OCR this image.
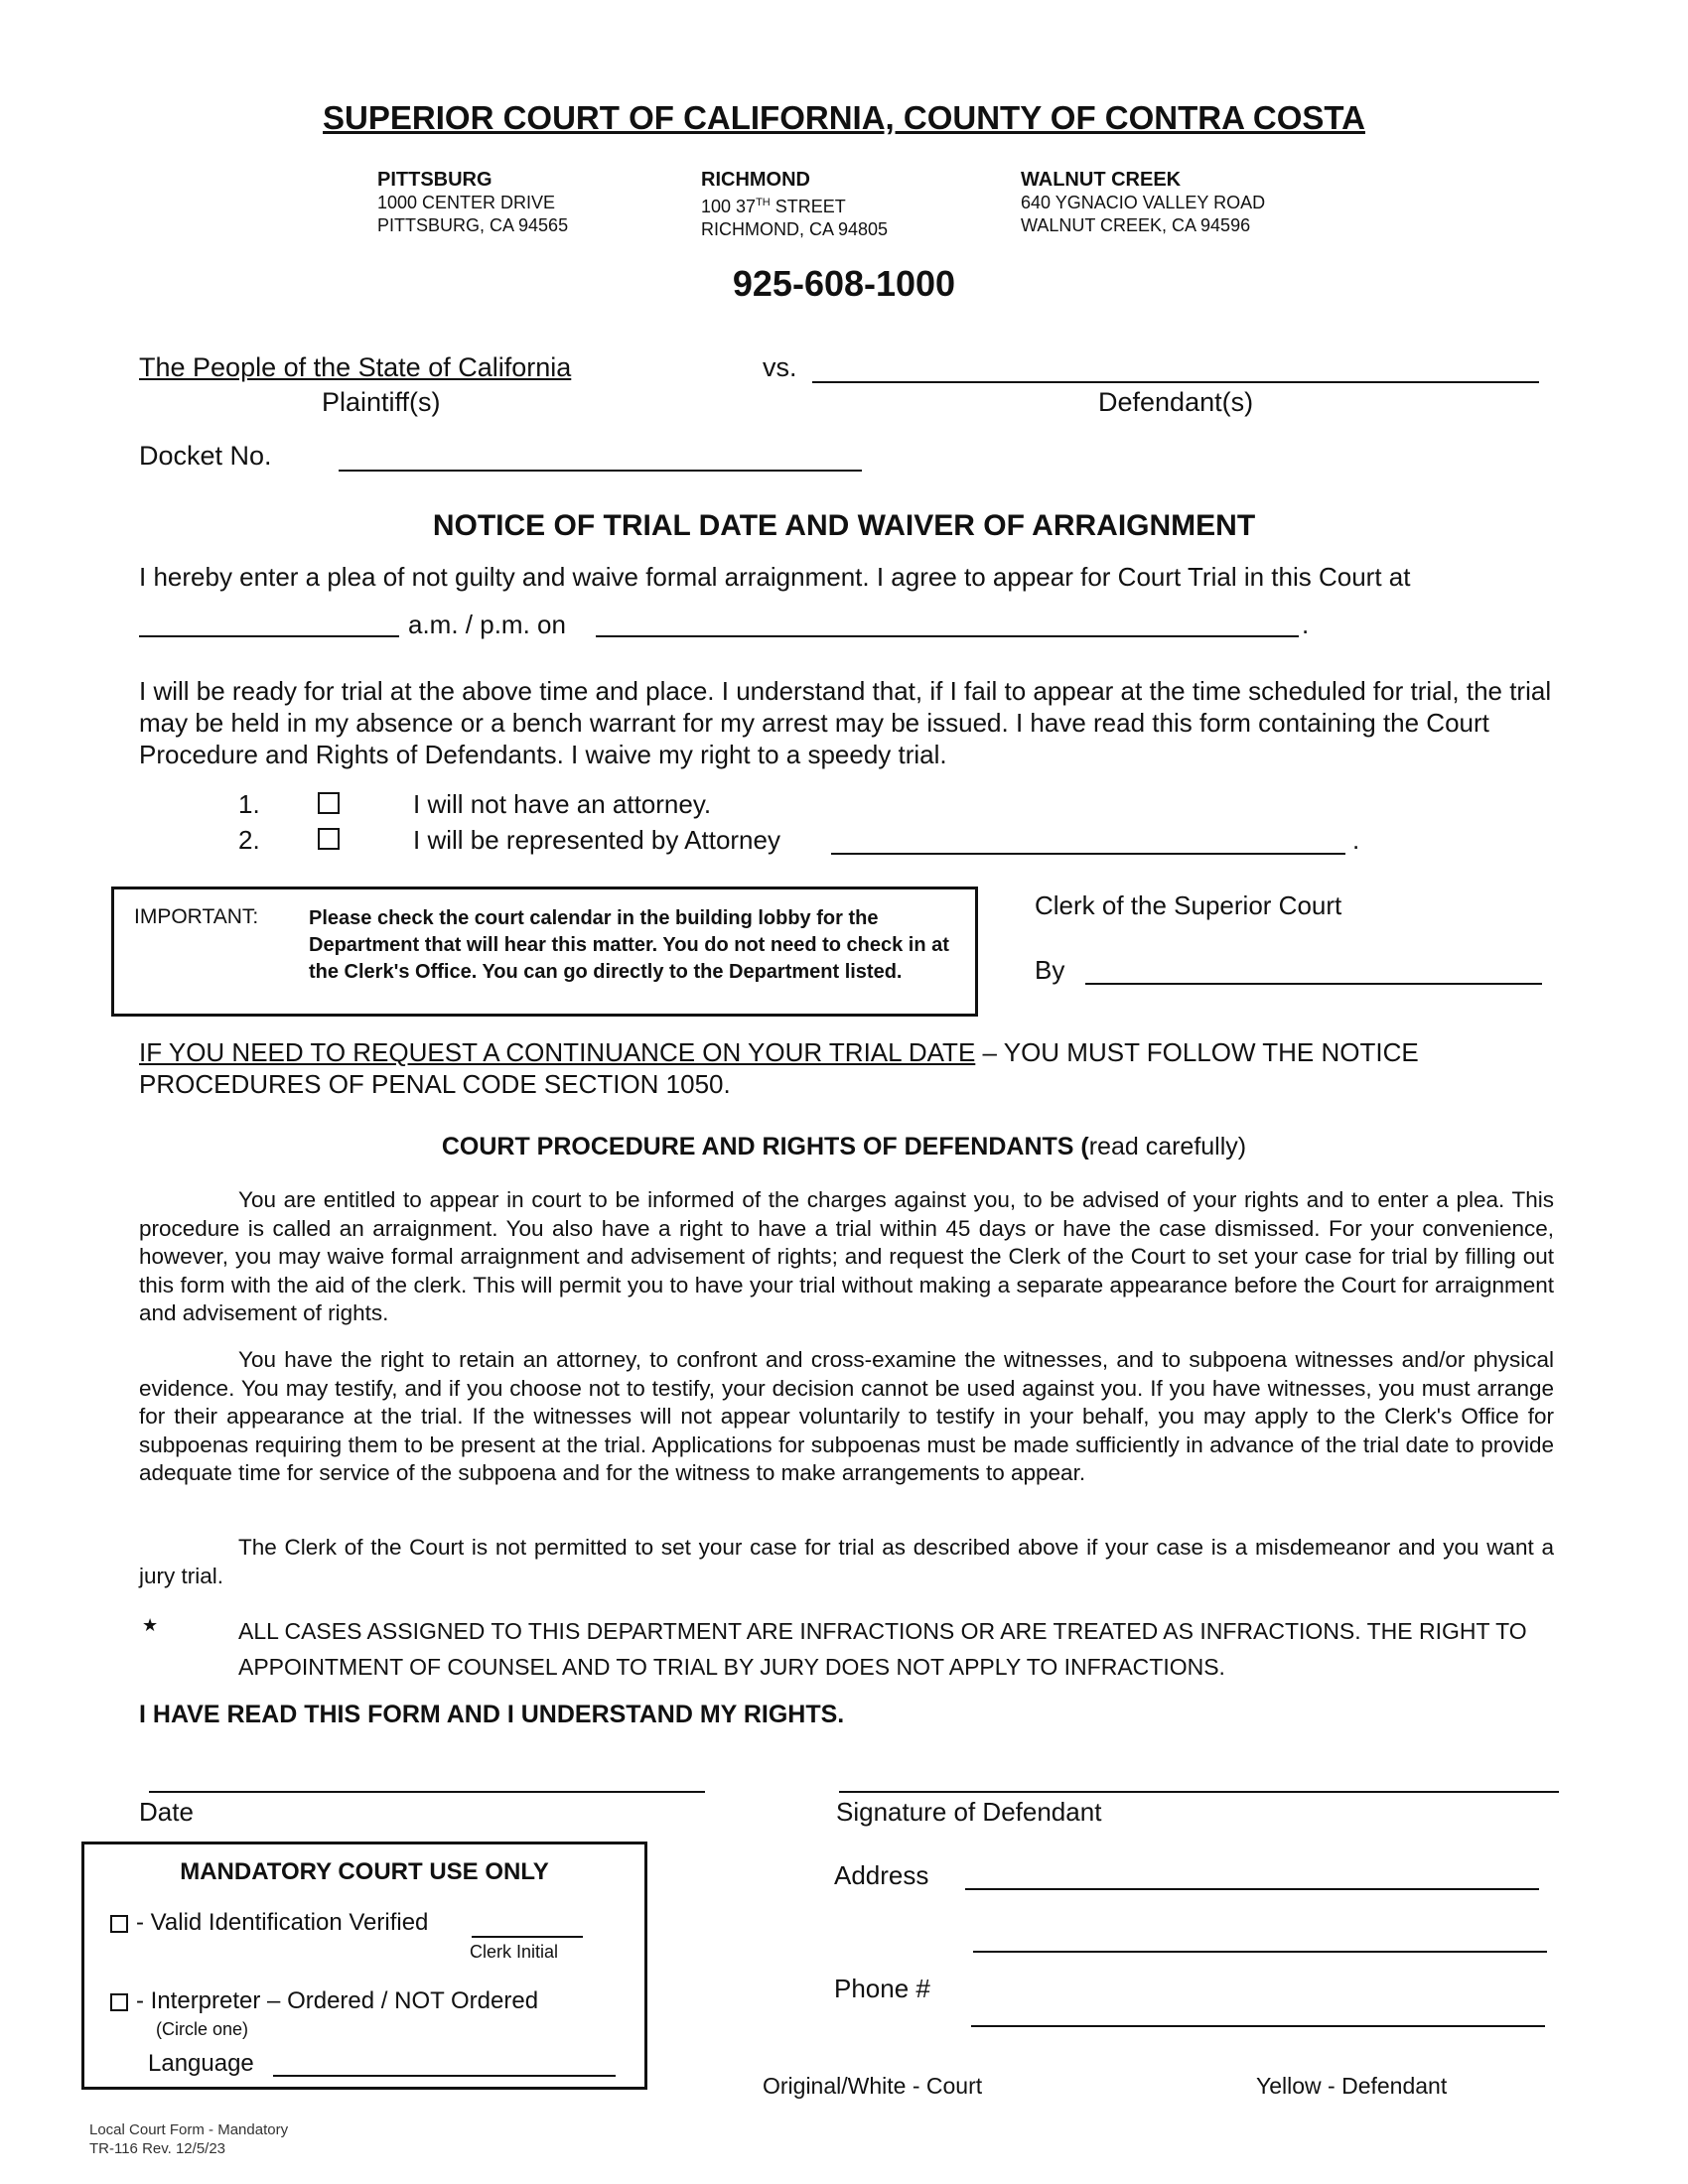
SUPERIOR COURT OF CALIFORNIA, COUNTY OF CONTRA COSTA
PITTSBURG
1000 CENTER DRIVE
PITTSBURG, CA 94565
RICHMOND
100 37TH STREET
RICHMOND, CA 94805
WALNUT CREEK
640 YGNACIO VALLEY ROAD
WALNUT CREEK, CA 94596
925-608-1000
The People of the State of California	vs.
Plaintiff(s)	Defendant(s)
Docket No.
NOTICE OF TRIAL DATE AND WAIVER OF ARRAIGNMENT
I hereby enter a plea of not guilty and waive formal arraignment. I agree to appear for Court Trial in this Court at
a.m. / p.m. on	.
I will be ready for trial at the above time and place. I understand that, if I fail to appear at the time scheduled for trial, the trial may be held in my absence or a bench warrant for my arrest may be issued. I have read this form containing the Court Procedure and Rights of Defendants. I waive my right to a speedy trial.
1.	I will not have an attorney.
2.	I will be represented by Attorney	.
IMPORTANT:	Please check the court calendar in the building lobby for the Department that will hear this matter. You do not need to check in at the Clerk's Office. You can go directly to the Department listed.
Clerk of the Superior Court
By
IF YOU NEED TO REQUEST A CONTINUANCE ON YOUR TRIAL DATE – YOU MUST FOLLOW THE NOTICE PROCEDURES OF PENAL CODE SECTION 1050.
COURT PROCEDURE AND RIGHTS OF DEFENDANTS (read carefully)
You are entitled to appear in court to be informed of the charges against you, to be advised of your rights and to enter a plea. This procedure is called an arraignment. You also have a right to have a trial within 45 days or have the case dismissed. For your convenience, however, you may waive formal arraignment and advisement of rights; and request the Clerk of the Court to set your case for trial by filling out this form with the aid of the clerk. This will permit you to have your trial without making a separate appearance before the Court for arraignment and advisement of rights.
You have the right to retain an attorney, to confront and cross-examine the witnesses, and to subpoena witnesses and/or physical evidence. You may testify, and if you choose not to testify, your decision cannot be used against you. If you have witnesses, you must arrange for their appearance at the trial. If the witnesses will not appear voluntarily to testify in your behalf, you may apply to the Clerk's Office for subpoenas requiring them to be present at the trial. Applications for subpoenas must be made sufficiently in advance of the trial date to provide adequate time for service of the subpoena and for the witness to make arrangements to appear.
The Clerk of the Court is not permitted to set your case for trial as described above if your case is a misdemeanor and you want a jury trial.
★	ALL CASES ASSIGNED TO THIS DEPARTMENT ARE INFRACTIONS OR ARE TREATED AS INFRACTIONS. THE RIGHT TO APPOINTMENT OF COUNSEL AND TO TRIAL BY JURY DOES NOT APPLY TO INFRACTIONS.
I HAVE READ THIS FORM AND I UNDERSTAND MY RIGHTS.
Date	Signature of Defendant
Address
Phone #
MANDATORY COURT USE ONLY
- Valid Identification Verified
Clerk Initial
- Interpreter – Ordered / NOT Ordered
(Circle one)
Language
Original/White - Court	Yellow - Defendant
Local Court Form - Mandatory
TR-116 Rev. 12/5/23
